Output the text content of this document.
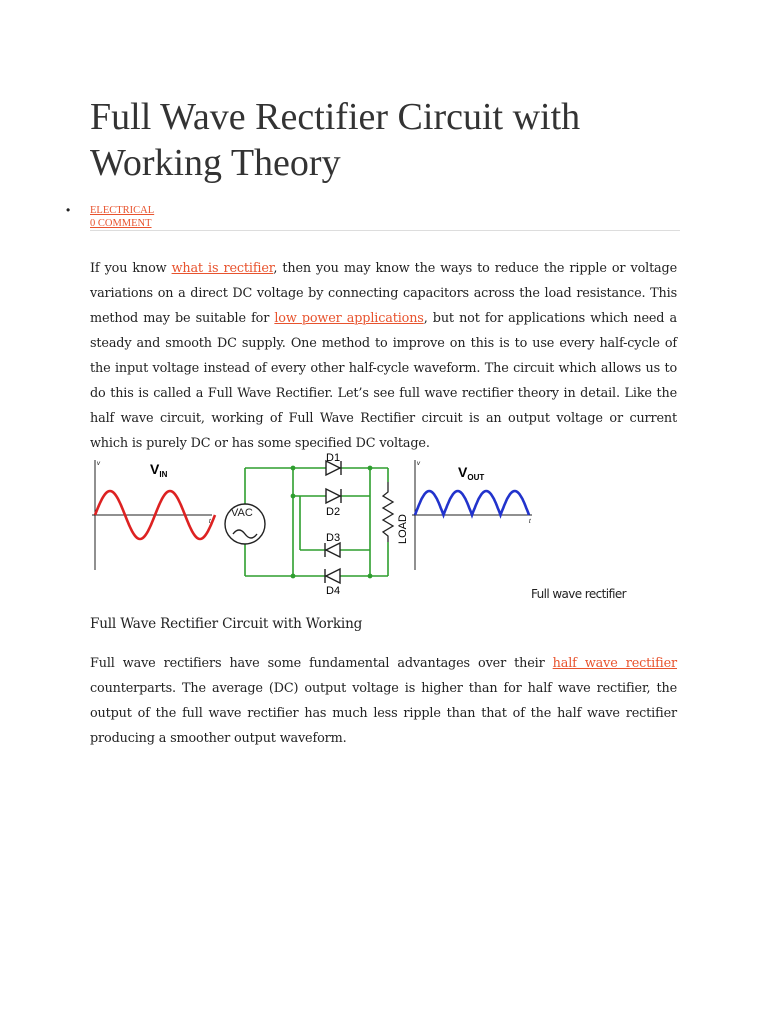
Full Wave Rectifier Circuit with Working Theory
• ELECTRICAL
0 COMMENT

If you know what is rectifier, then you may know the ways to reduce the ripple or voltage variations on a direct DC voltage by connecting capacitors across the load resistance. This method may be suitable for low power applications, but not for applications which need a steady and smooth DC supply. One method to improve on this is to use every half-cycle of the input voltage instead of every other half-cycle waveform. The circuit which allows us to do this is called a Full Wave Rectifier. Let’s see full wave rectifier theory in detail. Like the half wave circuit, working of Full Wave Rectifier circuit is an output voltage or current which is purely DC or has some specified DC voltage.

v
t
$V_{IN}$
VAC
D1
D2
D3
D4
LOAD
v
t
$V_{OUT}$
Full wave rectifier
Full Wave Rectifier Circuit with Working

Full wave rectifiers have some fundamental advantages over their half wave rectifier counterparts. The average (DC) output voltage is higher than for half wave rectifier, the output of the full wave rectifier has much less ripple than that of the half wave rectifier producing a smoother output waveform.
